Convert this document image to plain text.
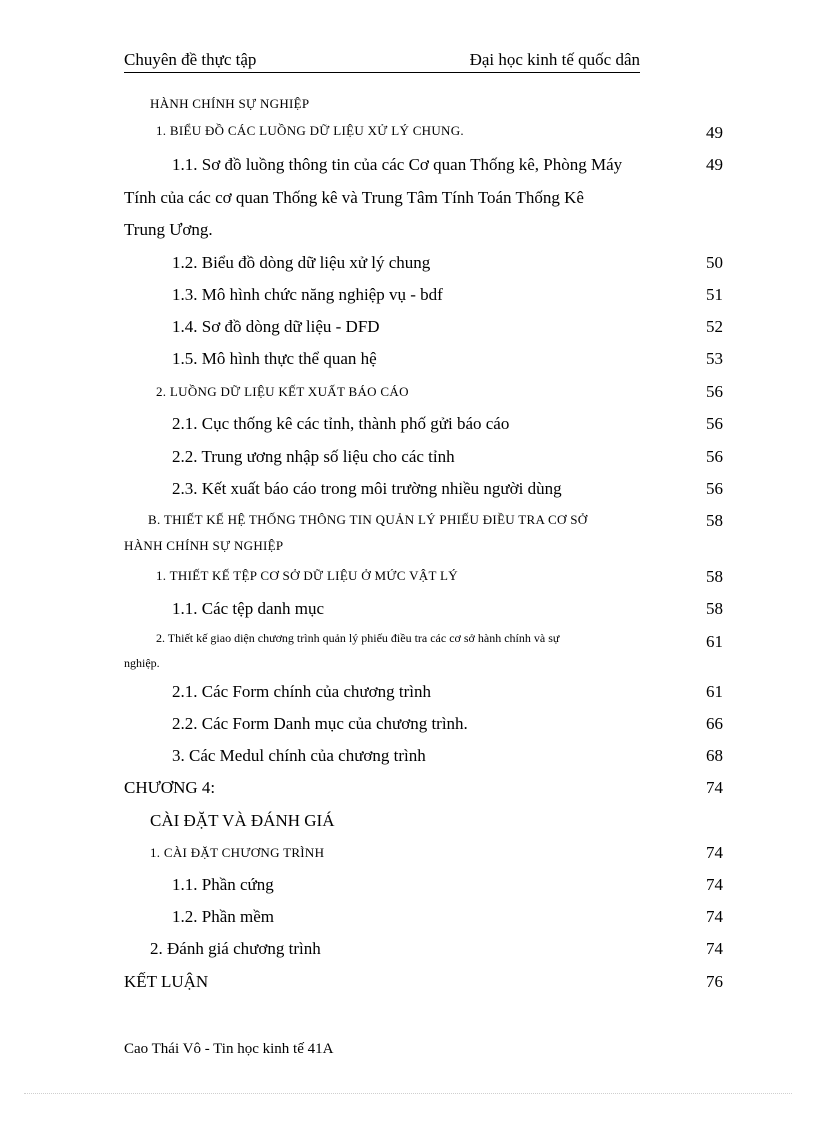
Chuyên đề thực tập	Đại học kinh tế quốc dân
HÀNH CHÍNH SỰ NGHIỆP
1. BIỂU ĐỒ CÁC LUỒNG DỮ LIỆU XỬ LÝ CHUNG.	49
1.1. Sơ đồ luồng thông tin của các Cơ quan Thống kê, Phòng Máy	49
Tính của các cơ quan Thống kê và Trung Tâm Tính Toán Thống Kê
Trung Ương.
1.2. Biểu đồ dòng dữ liệu xử lý chung	50
1.3. Mô hình chức năng nghiệp vụ - bdf	51
1.4. Sơ đồ dòng dữ liệu - DFD	52
1.5. Mô hình thực thể quan hệ	53
2. LUỒNG DỮ LIỆU KẾT XUẤT BÁO CÁO	56
2.1. Cục thống kê các tỉnh, thành phố gửi báo cáo	56
2.2. Trung ương nhập số liệu cho các tỉnh	56
2.3. Kết xuất báo cáo trong môi trường nhiều người dùng	56
B. THIẾT KẾ HỆ THỐNG THÔNG TIN QUẢN LÝ PHIẾU ĐIỀU TRA CƠ SỞ	58
HÀNH CHÍNH SỰ NGHIỆP
1. THIẾT KẾ TỆP CƠ SỞ DỮ LIỆU Ở MỨC VẬT LÝ	58
1.1. Các tệp danh mục	58
2. Thiết kế giao diện chương trình quản lý phiếu điều tra các cơ sở hành chính và sự	61
nghiệp.
2.1. Các Form chính của chương trình	61
2.2. Các Form Danh mục của chương trình.	66
3. Các Medul chính của chương trình	68
CHƯƠNG 4:	74
CÀI ĐẶT VÀ ĐÁNH GIÁ
1. CÀI ĐẶT CHƯƠNG TRÌNH	74
1.1. Phần cứng	74
1.2. Phần mềm	74
2. Đánh giá chương trình	74
KẾT LUẬN	76
Cao Thái Vô - Tin học kinh tế 41A
